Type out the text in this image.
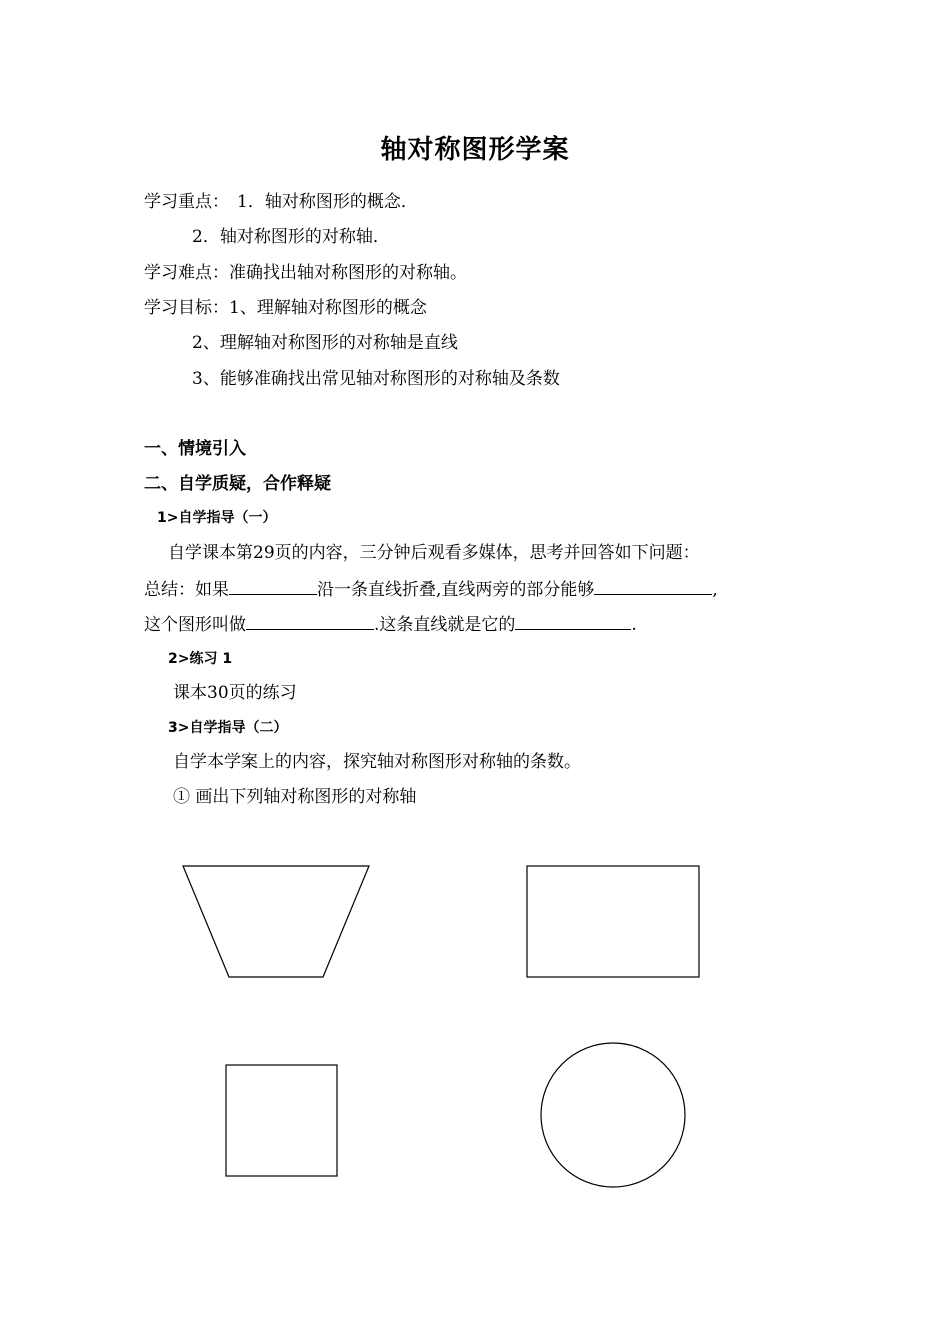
轴对称图形学案
学习重点： 1．轴对称图形的概念．
2．轴对称图形的对称轴．
学习难点：准确找出轴对称图形的对称轴。
学习目标：1、理解轴对称图形的概念
2、理解轴对称图形的对称轴是直线
3、能够准确找出常见轴对称图形的对称轴及条数
一、情境引入
二、自学质疑，合作释疑
1>自学指导（一）
自学课本第29页的内容，三分钟后观看多媒体，思考并回答如下问题：
总结：如果	沿一条直线折叠,直线两旁的部分能够	,
这个图形叫做	.这条直线就是它的	.
2>练习 1
课本30页的练习
3>自学指导（二）
自学本学案上的内容，探究轴对称图形对称轴的条数。
① 画出下列轴对称图形的对称轴
